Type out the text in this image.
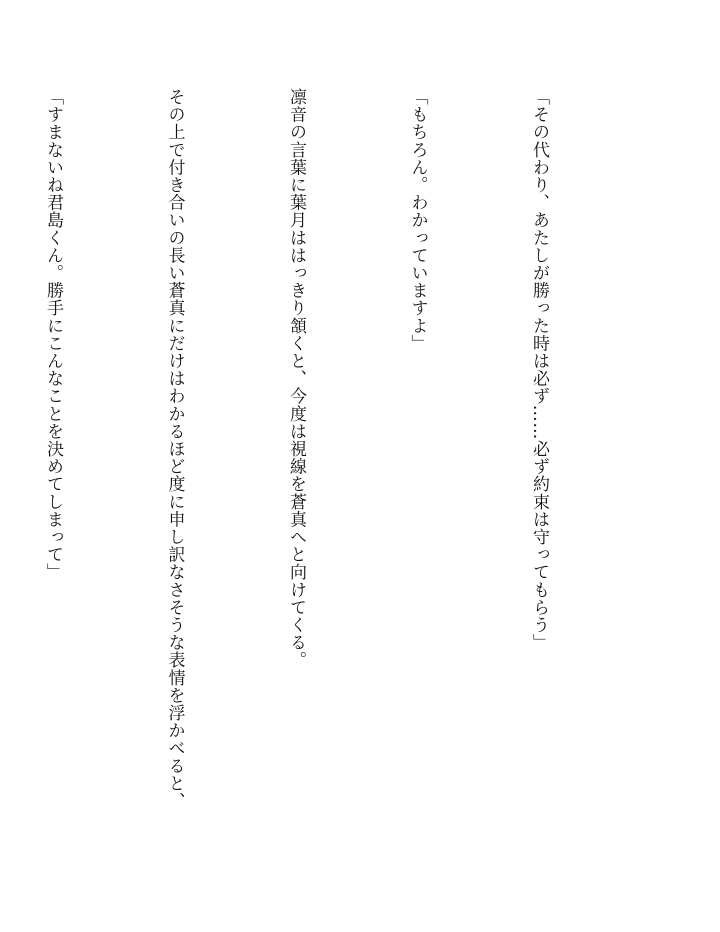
「その代わり、あたしが勝った時は必ず……必ず約束は守ってもらう」

「もちろん。わかっていますよ」

凛音の言葉に葉月ははっきり頷くと、今度は視線を蒼真へと向けてくる。

その上で付き合いの長い蒼真にだけはわかるほど度に申し訳なさそうな表情を浮かべると、

「すまないね君島くん。勝手にこんなことを決めてしまって」
